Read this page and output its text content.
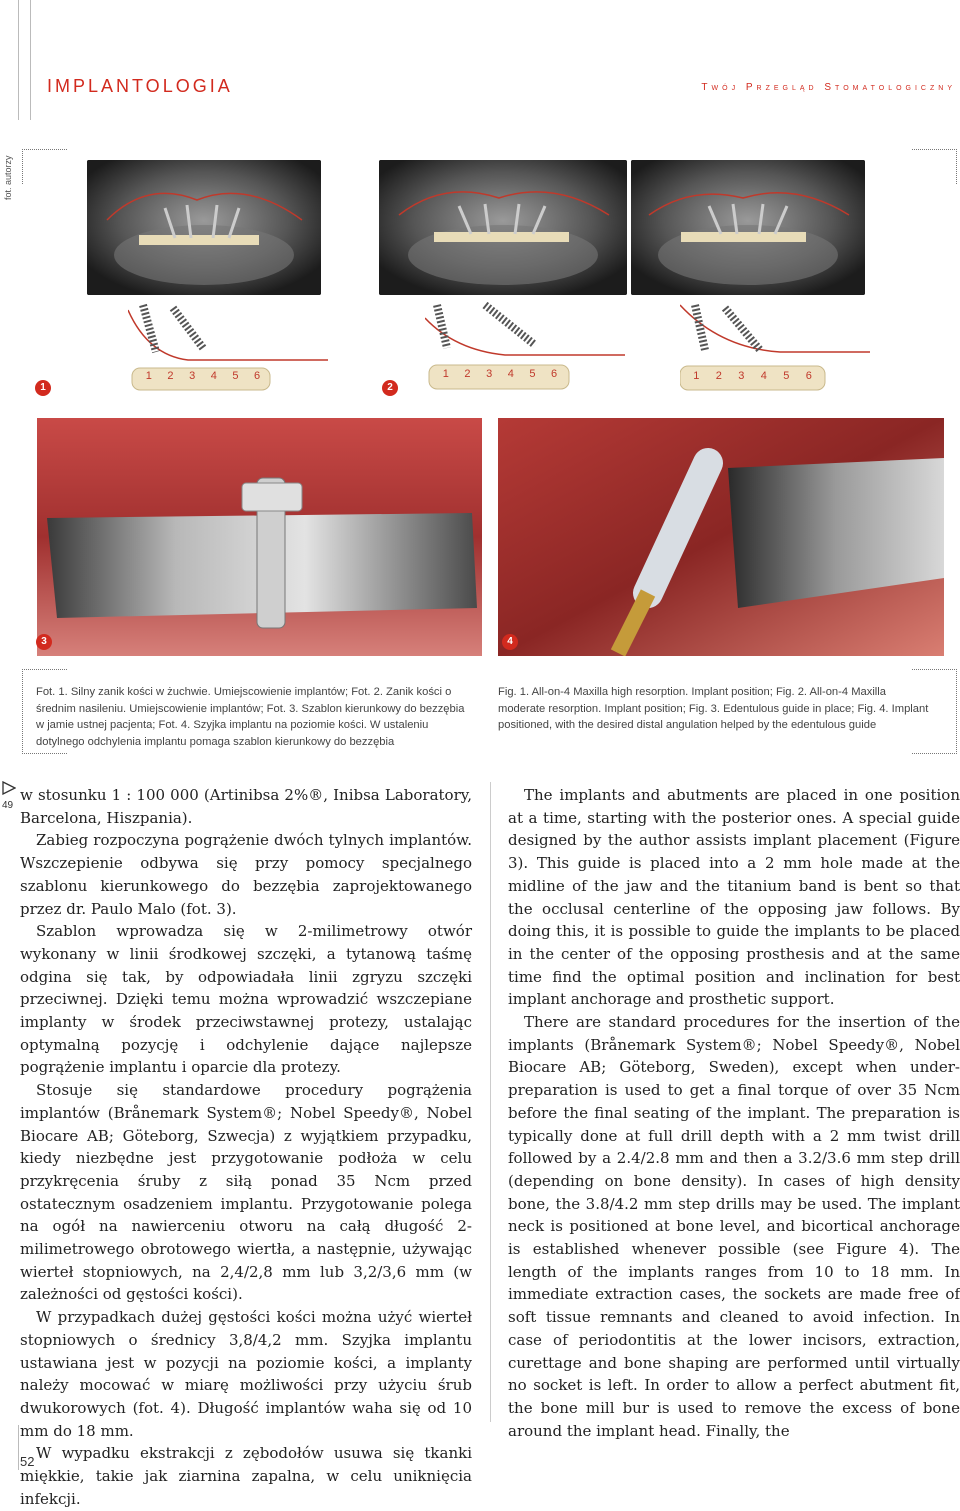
IMPLANTOLOGIA	Twój Przegląd Stomatologiczny
fot. autorzy
1 2 3 4 5 6	1 2 3 4 5 6	1 2 3 4 5 6
1	2
3	4
Fot. 1. Silny zanik kości w żuchwie. Umiejscowienie implantów; Fot. 2. Zanik kości o średnim nasileniu. Umiejscowienie implantów; Fot. 3. Szablon kierunkowy do bezzębia w jamie ustnej pacjenta; Fot. 4. Szyjka implantu na poziomie kości. W ustaleniu dotylnego odchylenia implantu pomaga szablon kierunkowy do bezzębia
Fig. 1. All-on-4 Maxilla high resorption. Implant position; Fig. 2. All-on-4 Maxilla moderate resorption. Implant position; Fig. 3. Edentulous guide in place; Fig. 4. Implant positioned, with the desired distal angulation helped by the edentulous guide
49

w stosunku 1 : 100 000 (Artinibsa 2%®, Inibsa Laboratory, Barcelona, Hiszpania).

Zabieg rozpoczyna pogrążenie dwóch tylnych implantów. Wszczepienie odbywa się przy pomocy specjalnego szablonu kierunkowego do bezzębia zaprojektowanego przez dr. Paulo Malo (fot. 3).

Szablon wprowadza się w 2-milimetrowy otwór wykonany w linii środkowej szczęki, a tytanową taśmę odgina się tak, by odpowiadała linii zgryzu szczęki przeciwnej. Dzięki temu można wprowadzić wszczepiane implanty w środek przeciwstawnej protezy, ustalając optymalną pozycję i odchylenie dające najlepsze pogrążenie implantu i oparcie dla protezy.

Stosuje się standardowe procedury pogrążenia implantów (Brånemark System®; Nobel Speedy®, Nobel Biocare AB; Göteborg, Szwecja) z wyjątkiem przypadku, kiedy niezbędne jest przygotowanie podłoża w celu przykręcenia śruby z siłą ponad 35 Ncm przed ostatecznym osadzeniem implantu. Przygotowanie polega na ogół na nawierceniu otworu na całą długość 2-milimetrowego obrotowego wiertła, a następnie, używając wierteł stopniowych, na 2,4/2,8 mm lub 3,2/3,6 mm (w zależności od gęstości kości).

W przypadkach dużej gęstości kości można użyć wierteł stopniowych o średnicy 3,8/4,2 mm. Szyjka implantu ustawiana jest w pozycji na poziomie kości, a implanty należy mocować w miarę możliwości przy użyciu śrub dwukorowych (fot. 4). Długość implantów waha się od 10 mm do 18 mm.

W wypadku ekstrakcji z zębodołów usuwa się tkanki miękkie, takie jak ziarnina zapalna, w celu uniknięcia infekcji.

The implants and abutments are placed in one position at a time, starting with the posterior ones. A special guide designed by the author assists implant placement (Figure 3). This guide is placed into a 2 mm hole made at the midline of the jaw and the titanium band is bent so that the occlusal centerline of the opposing jaw follows. By doing this, it is possible to guide the implants to be placed in the center of the opposing prosthesis and at the same time find the optimal position and inclination for best implant anchorage and prosthetic support.

There are standard procedures for the insertion of the implants (Brånemark System®; Nobel Speedy®, Nobel Biocare AB; Göteborg, Sweden), except when under-preparation is used to get a final torque of over 35 Ncm before the final seating of the implant. The preparation is typically done at full drill depth with a 2 mm twist drill followed by a 2.4/2.8 mm and then a 3.2/3.6 mm step drill (depending on bone density). In cases of high density bone, the 3.8/4.2 mm step drills may be used. The implant neck is positioned at bone level, and bicortical anchorage is established whenever possible (see Figure 4). The length of the implants ranges from 10 to 18 mm. In immediate extraction cases, the sockets are made free of soft tissue remnants and cleaned to avoid infection. In case of periodontitis at the lower incisors, extraction, curettage and bone shaping are performed until virtually no socket is left. In order to allow a perfect abutment fit, the bone mill bur is used to remove the excess of bone around the implant head. Finally, the

52
